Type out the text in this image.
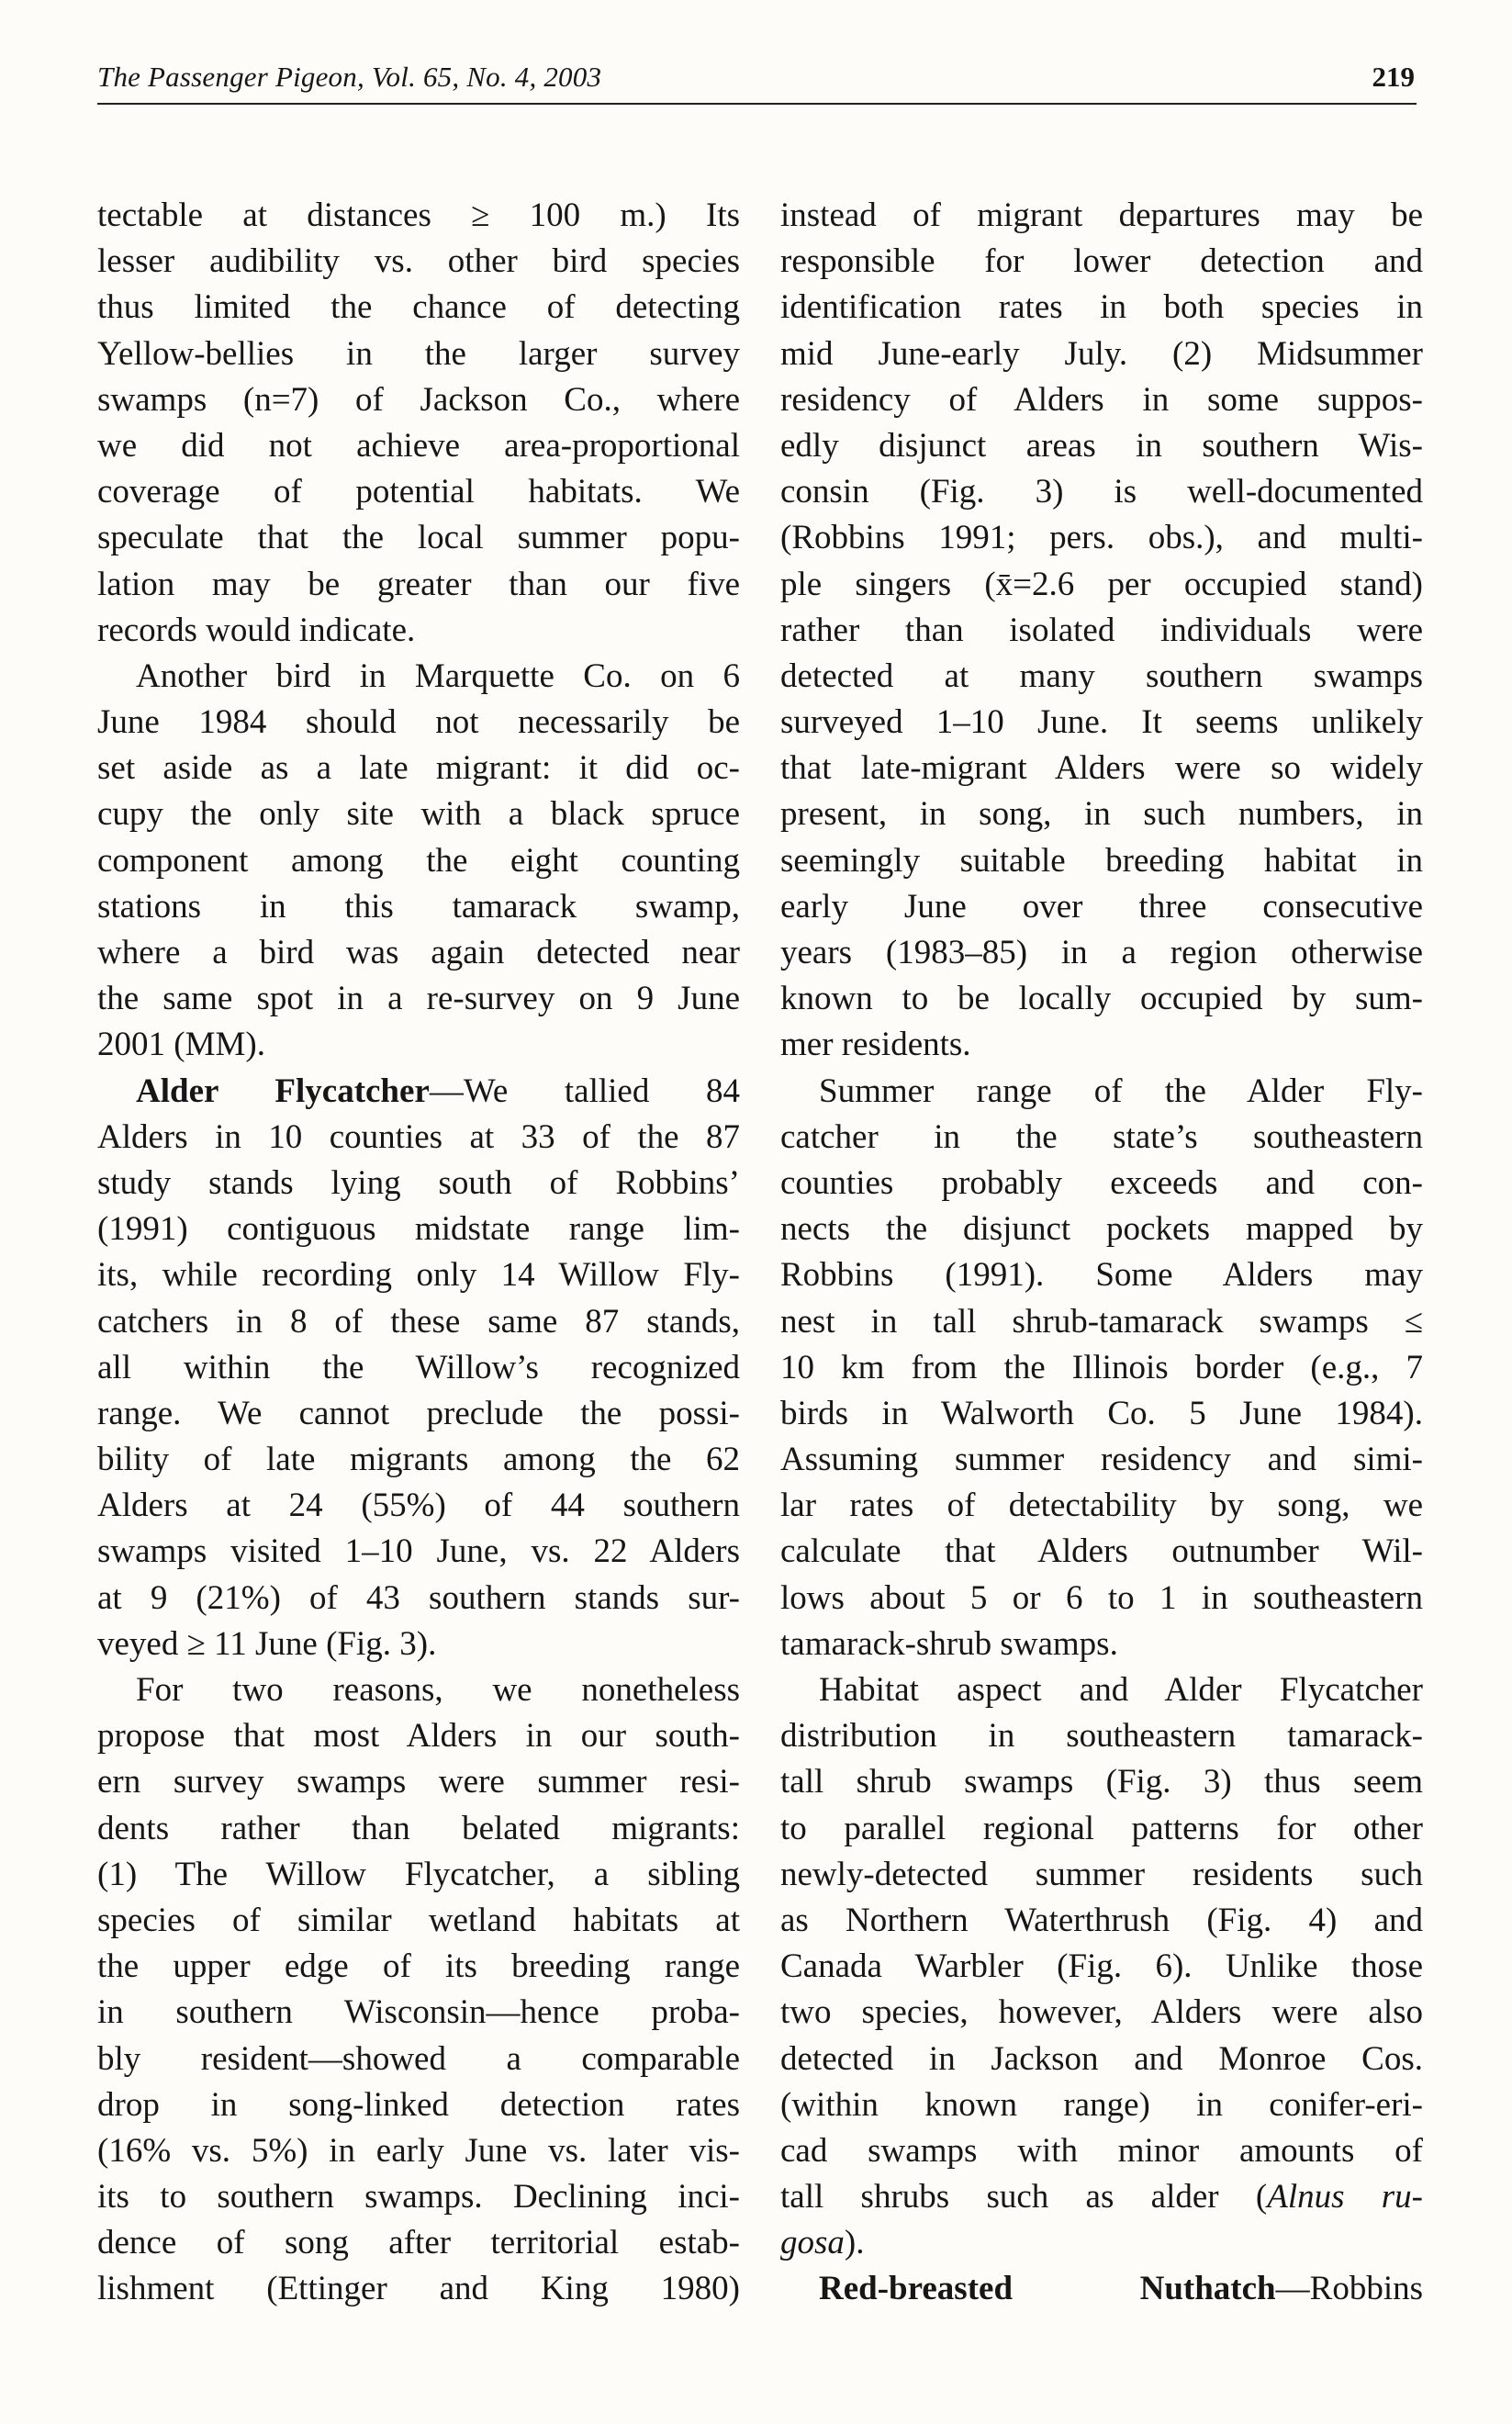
The Passenger Pigeon, Vol. 65, No. 4, 2003	219
tectable at distances ≥ 100 m.) Its
lesser audibility vs. other bird species
thus limited the chance of detecting
Yellow-bellies in the larger survey
swamps (n=7) of Jackson Co., where
we did not achieve area-proportional
coverage of potential habitats. We
speculate that the local summer popu-
lation may be greater than our five
records would indicate.
Another bird in Marquette Co. on 6
June 1984 should not necessarily be
set aside as a late migrant: it did oc-
cupy the only site with a black spruce
component among the eight counting
stations in this tamarack swamp,
where a bird was again detected near
the same spot in a re-survey on 9 June
2001 (MM).
Alder Flycatcher—We tallied 84
Alders in 10 counties at 33 of the 87
study stands lying south of Robbins’
(1991) contiguous midstate range lim-
its, while recording only 14 Willow Fly-
catchers in 8 of these same 87 stands,
all within the Willow’s recognized
range. We cannot preclude the possi-
bility of late migrants among the 62
Alders at 24 (55%) of 44 southern
swamps visited 1–10 June, vs. 22 Alders
at 9 (21%) of 43 southern stands sur-
veyed ≥ 11 June (Fig. 3).
For two reasons, we nonetheless
propose that most Alders in our south-
ern survey swamps were summer resi-
dents rather than belated migrants:
(1) The Willow Flycatcher, a sibling
species of similar wetland habitats at
the upper edge of its breeding range
in southern Wisconsin—hence proba-
bly resident—showed a comparable
drop in song-linked detection rates
(16% vs. 5%) in early June vs. later vis-
its to southern swamps. Declining inci-
dence of song after territorial estab-
lishment (Ettinger and King 1980)
instead of migrant departures may be
responsible for lower detection and
identification rates in both species in
mid June-early July. (2) Midsummer
residency of Alders in some suppos-
edly disjunct areas in southern Wis-
consin (Fig. 3) is well-documented
(Robbins 1991; pers. obs.), and multi-
ple singers (x̄=2.6 per occupied stand)
rather than isolated individuals were
detected at many southern swamps
surveyed 1–10 June. It seems unlikely
that late-migrant Alders were so widely
present, in song, in such numbers, in
seemingly suitable breeding habitat in
early June over three consecutive
years (1983–85) in a region otherwise
known to be locally occupied by sum-
mer residents.
Summer range of the Alder Fly-
catcher in the state’s southeastern
counties probably exceeds and con-
nects the disjunct pockets mapped by
Robbins (1991). Some Alders may
nest in tall shrub-tamarack swamps ≤
10 km from the Illinois border (e.g., 7
birds in Walworth Co. 5 June 1984).
Assuming summer residency and simi-
lar rates of detectability by song, we
calculate that Alders outnumber Wil-
lows about 5 or 6 to 1 in southeastern
tamarack-shrub swamps.
Habitat aspect and Alder Flycatcher
distribution in southeastern tamarack-
tall shrub swamps (Fig. 3) thus seem
to parallel regional patterns for other
newly-detected summer residents such
as Northern Waterthrush (Fig. 4) and
Canada Warbler (Fig. 6). Unlike those
two species, however, Alders were also
detected in Jackson and Monroe Cos.
(within known range) in conifer-eri-
cad swamps with minor amounts of
tall shrubs such as alder (Alnus ru-
gosa).
Red-breasted Nuthatch—Robbins
